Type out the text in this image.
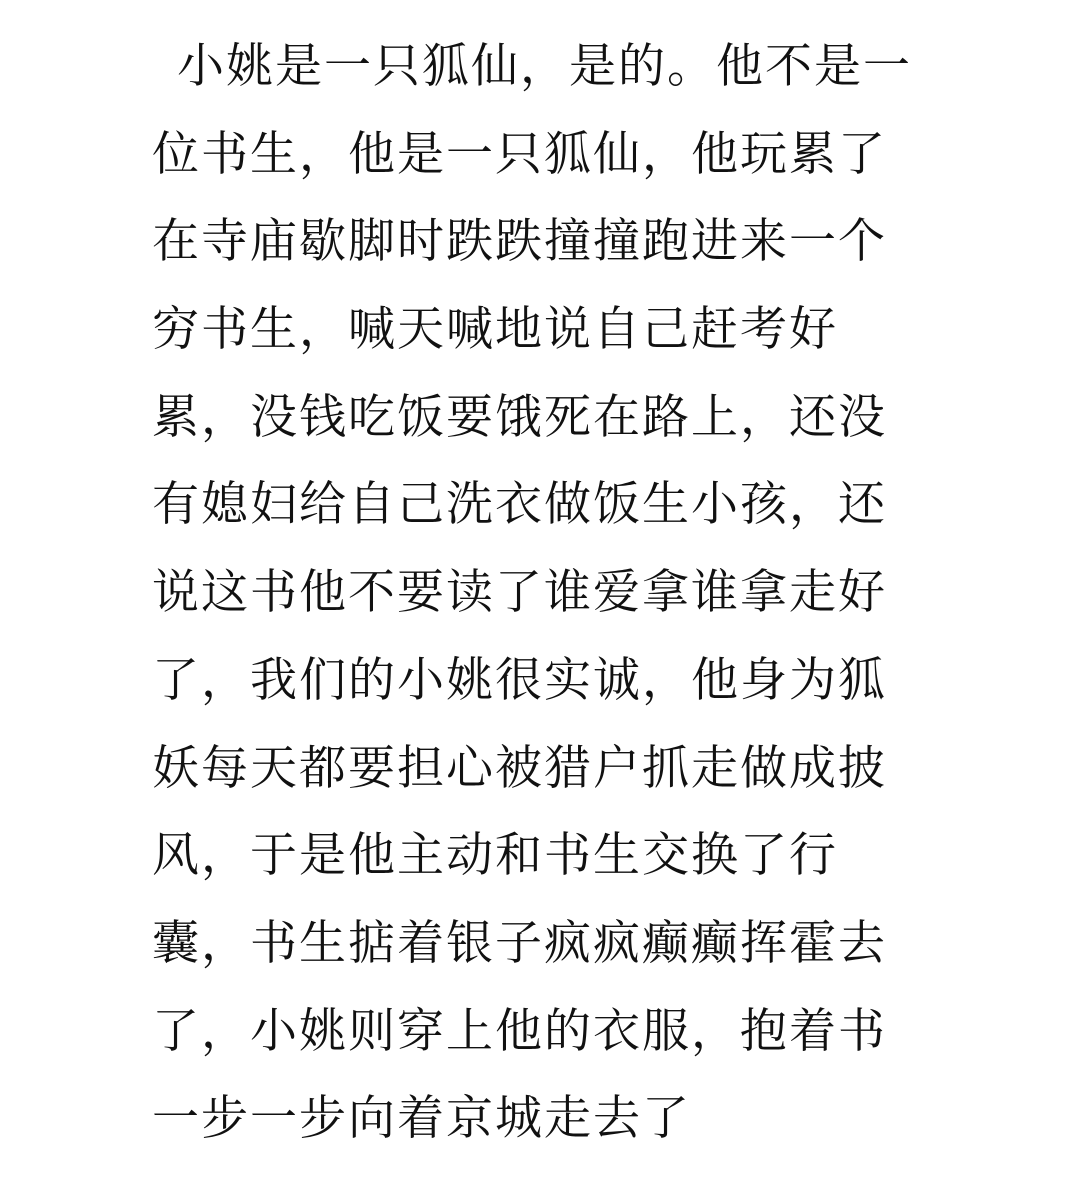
小姚是一只狐仙，是的。他不是一
位书生，他是一只狐仙，他玩累了
在寺庙歇脚时跌跌撞撞跑进来一个
穷书生，喊天喊地说自己赶考好
累，没钱吃饭要饿死在路上，还没
有媳妇给自己洗衣做饭生小孩，还
说这书他不要读了谁爱拿谁拿走好
了，我们的小姚很实诚，他身为狐
妖每天都要担心被猎户抓走做成披
风，于是他主动和书生交换了行
囊，书生掂着银子疯疯癫癫挥霍去
了，小姚则穿上他的衣服，抱着书
一步一步向着京城走去了
